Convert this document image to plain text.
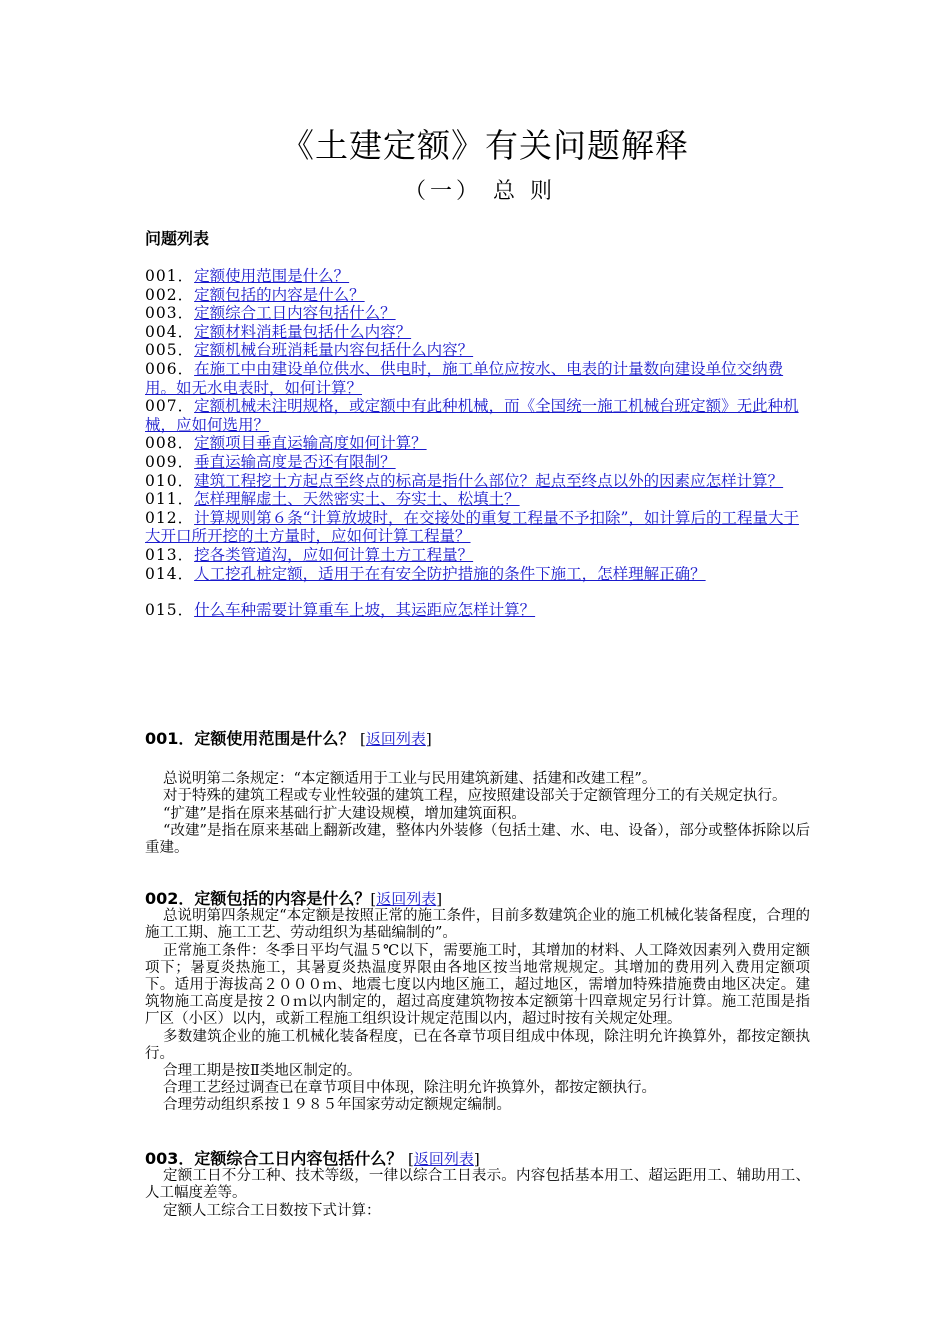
《土建定额》有关问题解释
（一） 总 则
问题列表

001．定额使用范围是什么？

002．定额包括的内容是什么？

003．定额综合工日内容包括什么？

004．定额材料消耗量包括什么内容？

005．定额机械台班消耗量内容包括什么内容？

006．在施工中由建设单位供水、供电时，施工单位应按水、电表的计量数向建设单位交纳费用。如无水电表时，如何计算？

007．定额机械未注明规格，或定额中有此种机械，而《全国统一施工机械台班定额》无此种机械，应如何选用？

008．定额项目垂直运输高度如何计算？

009．垂直运输高度是否还有限制？

010．建筑工程挖土方起点至终点的标高是指什么部位？起点至终点以外的因素应怎样计算？

011．怎样理解虚土、天然密实土、夯实土、松填土？

012．计算规则第６条“计算放坡时，在交接处的重复工程量不予扣除”，如计算后的工程量大于大开口所开挖的土方量时，应如何计算工程量？

013．挖各类管道沟，应如何计算土方工程量？

014．人工挖孔桩定额，适用于在有安全防护措施的条件下施工，怎样理解正确？

015．什么车种需要计算重车上坡，其运距应怎样计算？

001．定额使用范围是什么？ [返回列表]

总说明第二条规定：“本定额适用于工业与民用建筑新建、括建和改建工程”。

对于特殊的建筑工程或专业性较强的建筑工程，应按照建设部关于定额管理分工的有关规定执行。

“扩建”是指在原来基础行扩大建设规模，增加建筑面积。

“改建”是指在原来基础上翻新改建，整体内外装修（包括土建、水、电、设备），部分或整体拆除以后重建。

002．定额包括的内容是什么？[返回列表]

总说明第四条规定“本定额是按照正常的施工条件，目前多数建筑企业的施工机械化装备程度，合理的施工工期、施工工艺、劳动组织为基础编制的”。

正常施工条件：冬季日平均气温５℃以下，需要施工时，其增加的材料、人工降效因素列入费用定额项下；暑夏炎热施工，其暑夏炎热温度界限由各地区按当地常规规定。其增加的费用列入费用定额项下。适用于海拔高２０００ｍ、地震七度以内地区施工，超过地区，需增加特殊措施费由地区决定。建筑物施工高度是按２０ｍ以内制定的，超过高度建筑物按本定额第十四章规定另行计算。施工范围是指厂区（小区）以内，或新工程施工组织设计规定范围以内，超过时按有关规定处理。

多数建筑企业的施工机械化装备程度，已在各章节项目组成中体现，除注明允许换算外，都按定额执行。

合理工期是按Ⅱ类地区制定的。

合理工艺经过调查已在章节项目中体现，除注明允许换算外，都按定额执行。

合理劳动组织系按１９８５年国家劳动定额规定编制。

003．定额综合工日内容包括什么？ [返回列表]

定额工日不分工种、技术等级，一律以综合工日表示。内容包括基本用工、超运距用工、辅助用工、人工幅度差等。

定额人工综合工日数按下式计算：
